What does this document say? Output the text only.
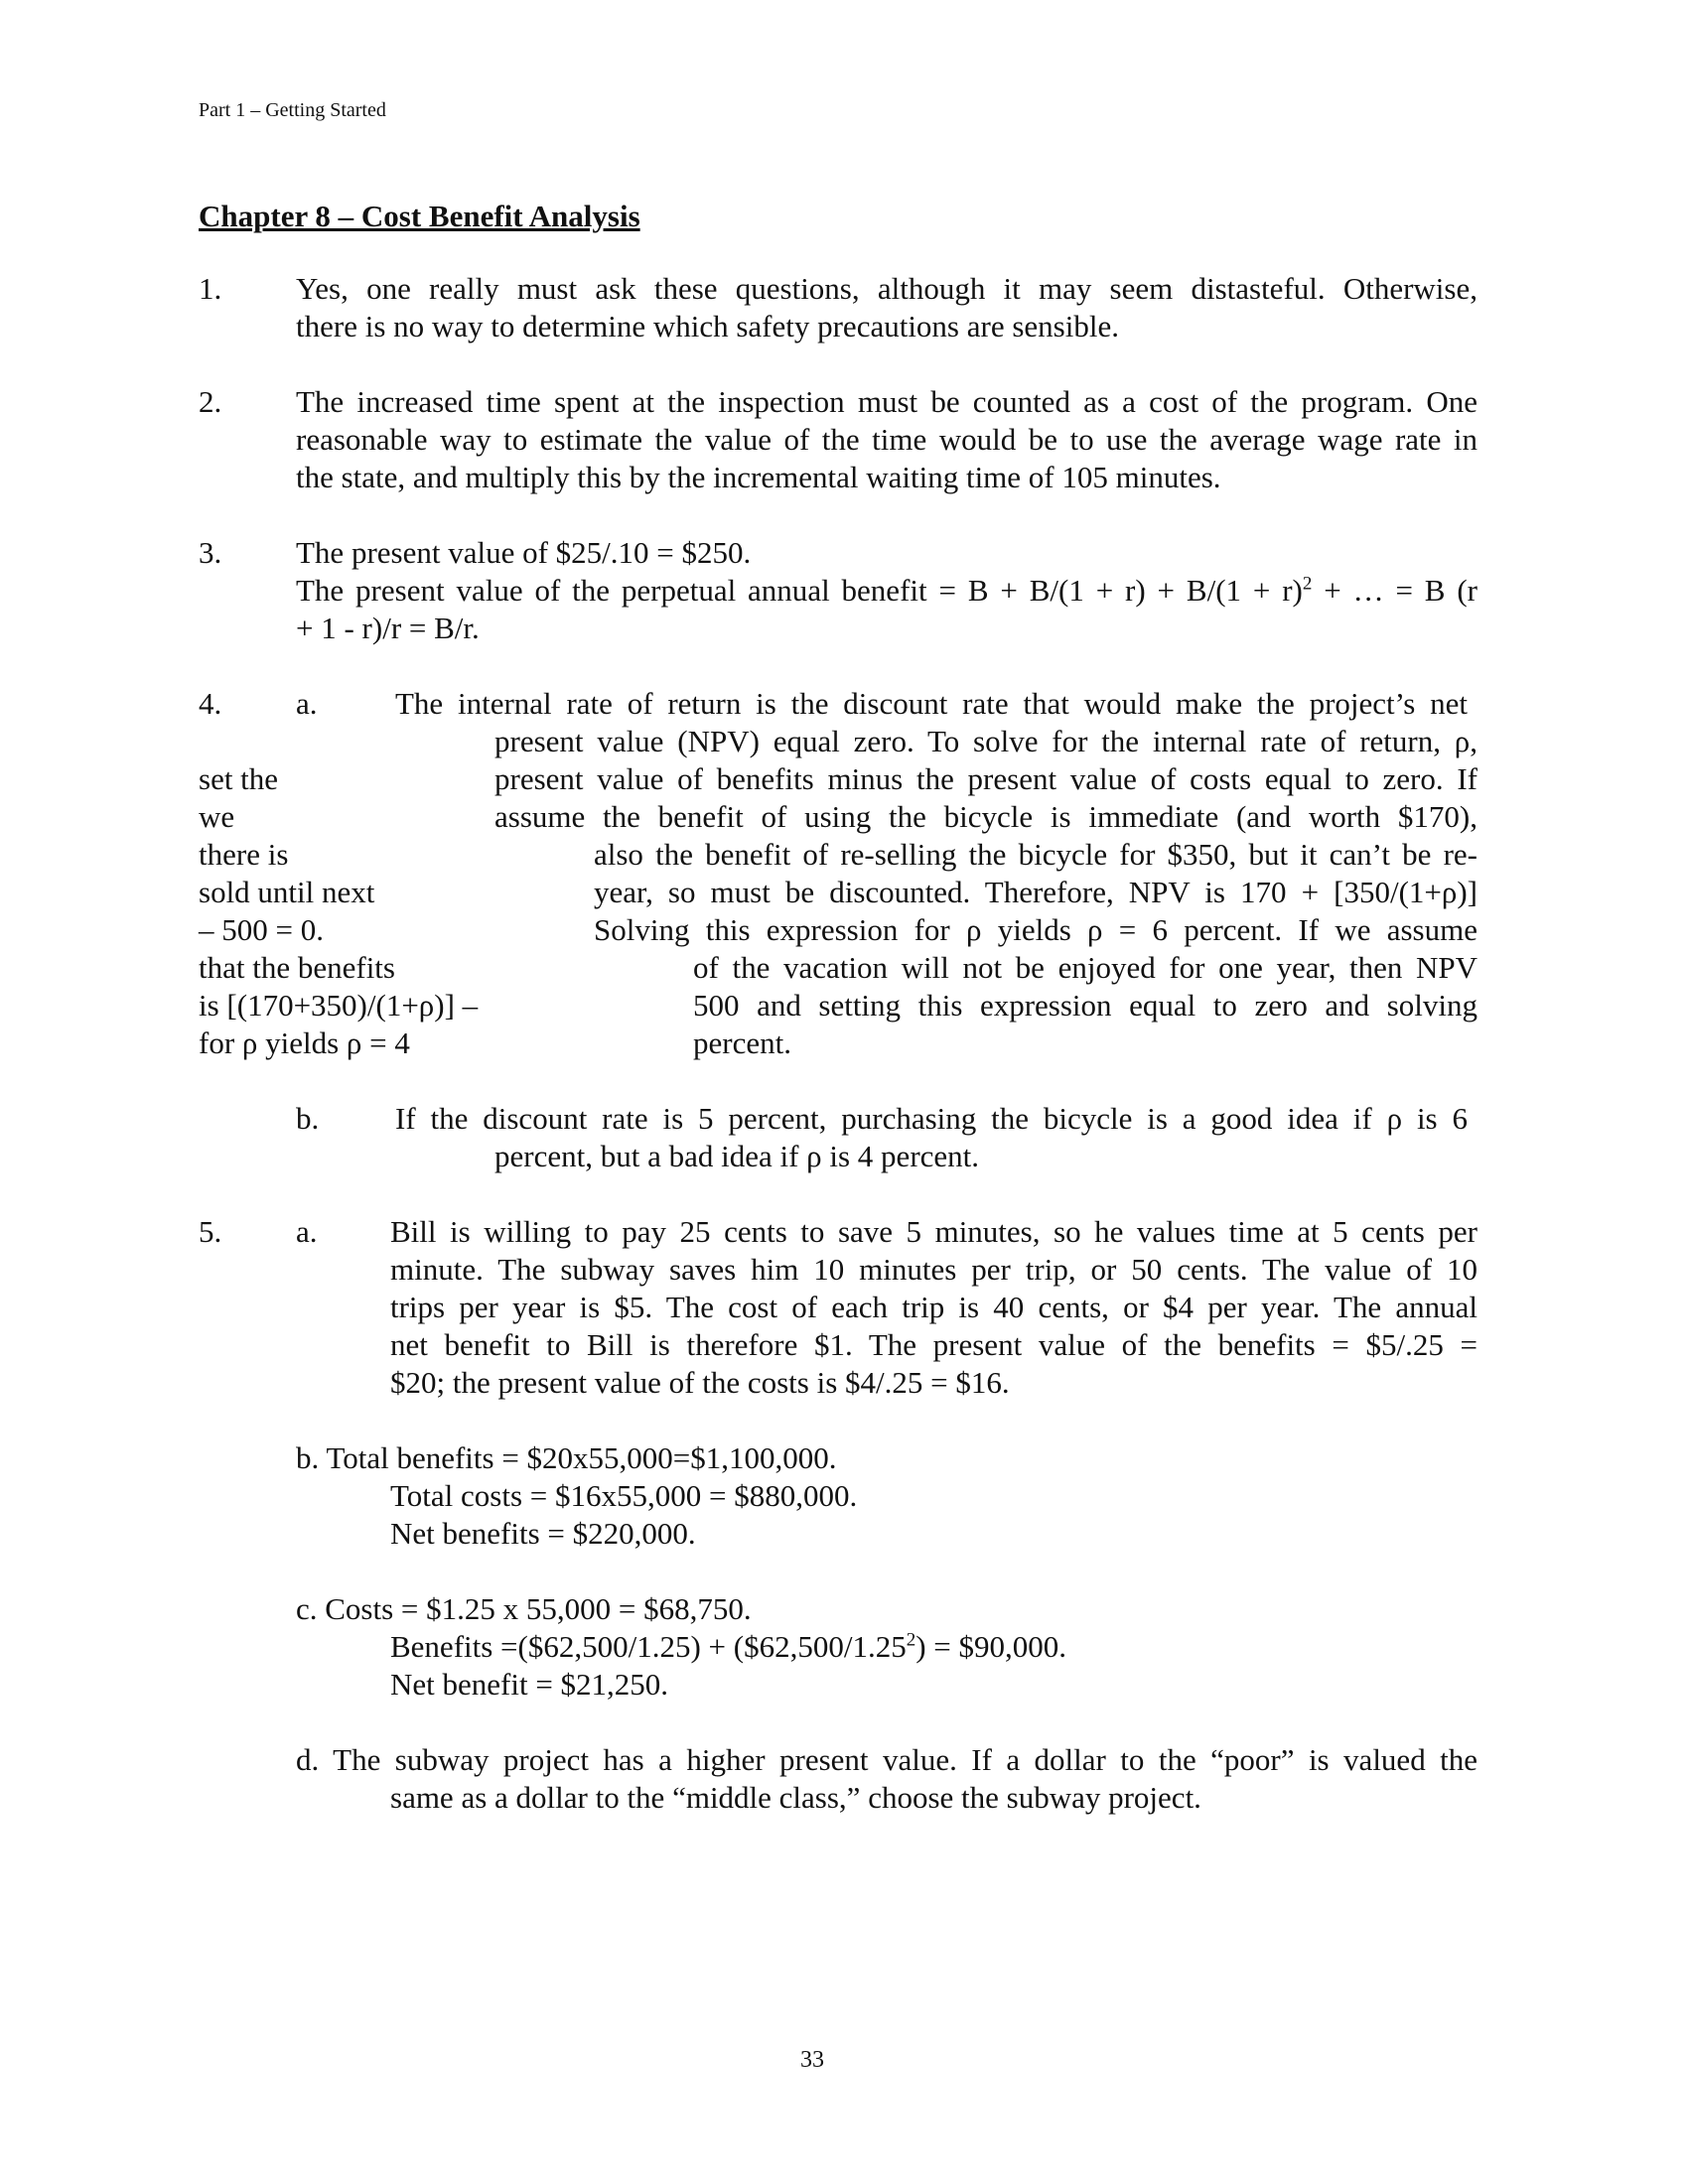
Part 1 – Getting Started
Chapter 8 – Cost Benefit Analysis
1. Yes, one really must ask these questions, although it may seem distasteful. Otherwise,
there is no way to determine which safety precautions are sensible.
2. The increased time spent at the inspection must be counted as a cost of the program. One
reasonable way to estimate the value of the time would be to use the average wage rate in
the state, and multiply this by the incremental waiting time of 105 minutes.
3. The present value of $25/.10 = $250.
The present value of the perpetual annual benefit = $B + B/(1 + r) + B/(1 + r)^2$ + … = B (r
+ 1 - r)/r = B/r.
4. a.	The internal rate of return is the discount rate that would make the project’s net
present value (NPV) equal zero. To solve for the internal rate of return, ρ,
present value of benefits minus the present value of costs equal to zero. If
assume the benefit of using the bicycle is immediate (and worth $170),
also the benefit of re-selling the bicycle for $350, but it can’t be re-
year, so must be discounted. Therefore, NPV is 170 + [350/(1+ρ)]
Solving this expression for ρ yields ρ = 6 percent. If we assume
of the vacation will not be enjoyed for one year, then NPV
500 and setting this expression equal to zero and solving
percent.
set the
we
there is
sold until next
– 500 = 0.
that the benefits
is [(170+350)/(1+ρ)] –
for ρ yields ρ = 4
b. If the discount rate is 5 percent, purchasing the bicycle is a good idea if ρ is 6
percent, but a bad idea if ρ is 4 percent.
5. a. Bill is willing to pay 25 cents to save 5 minutes, so he values time at 5 cents per
minute. The subway saves him 10 minutes per trip, or 50 cents. The value of 10
trips per year is $5. The cost of each trip is 40 cents, or $4 per year. The annual
net benefit to Bill is therefore $1. The present value of the benefits = $5/.25 =
$20; the present value of the costs is $4/.25 = $16.
b. Total benefits = $20x55,000=$1,100,000.
Total costs = $16x55,000 = $880,000.
Net benefits = $220,000.
c. Costs = $1.25 x 55,000 = $68,750.
Benefits =($62,500/1.25) + $(\$62,500/1.25^2)$ = $90,000.
Net benefit = $21,250.
d. The subway project has a higher present value. If a dollar to the “poor” is valued the
same as a dollar to the “middle class,” choose the subway project.
33
